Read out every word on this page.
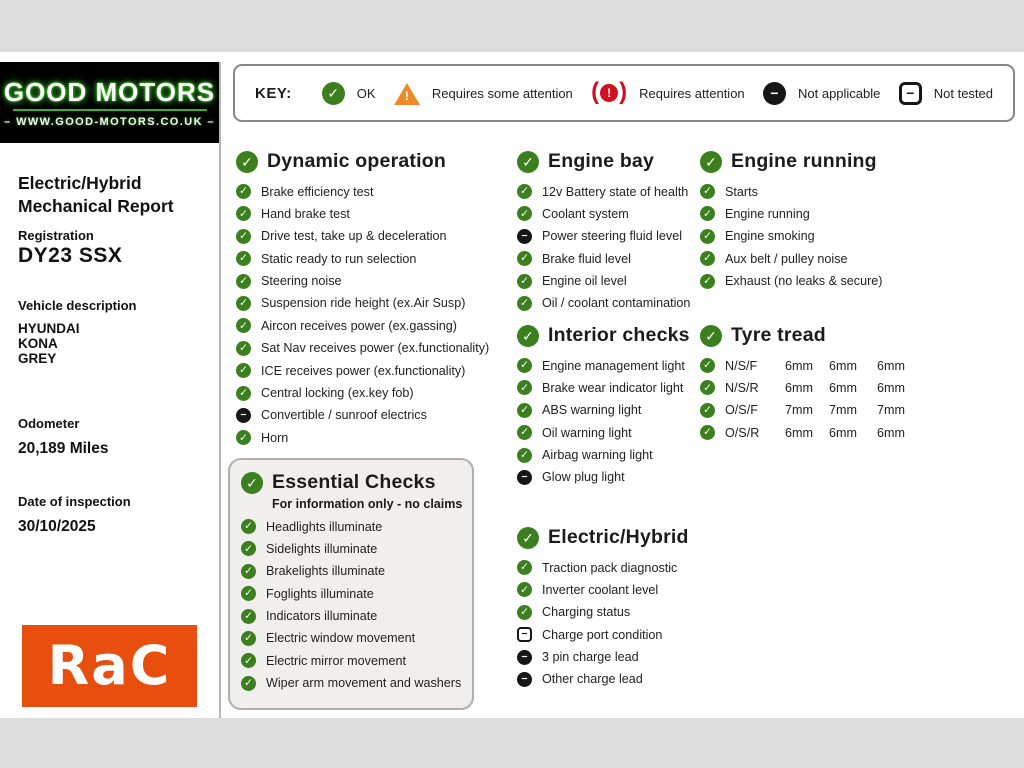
GOOD MOTORS
– WWW.GOOD-MOTORS.CO.UK –
KEY:	✓	OK ! Requires some attention ( ! ) Requires attention	−	Not applicable	−	Not tested
Electric/Hybrid
Mechanical Report
Registration
DY23 SSX
Vehicle description
HYUNDAI
KONA
GREY
Odometer
20,189 Miles
Date of inspection
30/10/2025
RaC
✓ Dynamic operation
✓ Brake efficiency test
✓ Hand brake test
✓ Drive test, take up & deceleration
✓ Static ready to run selection
✓ Steering noise
✓ Suspension ride height (ex.Air Susp)
✓ Aircon receives power (ex.gassing)
✓ Sat Nav receives power (ex.functionality)
✓ ICE receives power (ex.functionality)
✓ Central locking (ex.key fob)
−	Convertible / sunroof electrics
✓ Horn
✓ Essential Checks
For information only - no claims
✓ Headlights illuminate
✓ Sidelights illuminate
✓ Brakelights illuminate
✓ Foglights illuminate
✓ Indicators illuminate
✓ Electric window movement
✓ Electric mirror movement
✓ Wiper arm movement and washers
✓ Engine bay
✓ 12v Battery state of health
✓ Coolant system
−	Power steering fluid level
✓ Brake fluid level
✓ Engine oil level
✓ Oil / coolant contamination
✓ Interior checks
✓ Engine management light
✓ Brake wear indicator light
✓ ABS warning light
✓ Oil warning light
✓ Airbag warning light
−	Glow plug light
✓ Electric/Hybrid
✓ Traction pack diagnostic
✓ Inverter coolant level
✓ Charging status
−	Charge port condition
−	3 pin charge lead
−	Other charge lead
✓ Engine running
✓ Starts
✓ Engine running
✓ Engine smoking
✓ Aux belt / pulley noise
✓ Exhaust (no leaks & secure)
✓ Tyre tread
✓ N/S/F	6mm 6mm 6mm
✓ N/S/R	6mm 6mm 6mm
✓ O/S/F	7mm 7mm 7mm
✓ O/S/R	6mm 6mm 6mm
